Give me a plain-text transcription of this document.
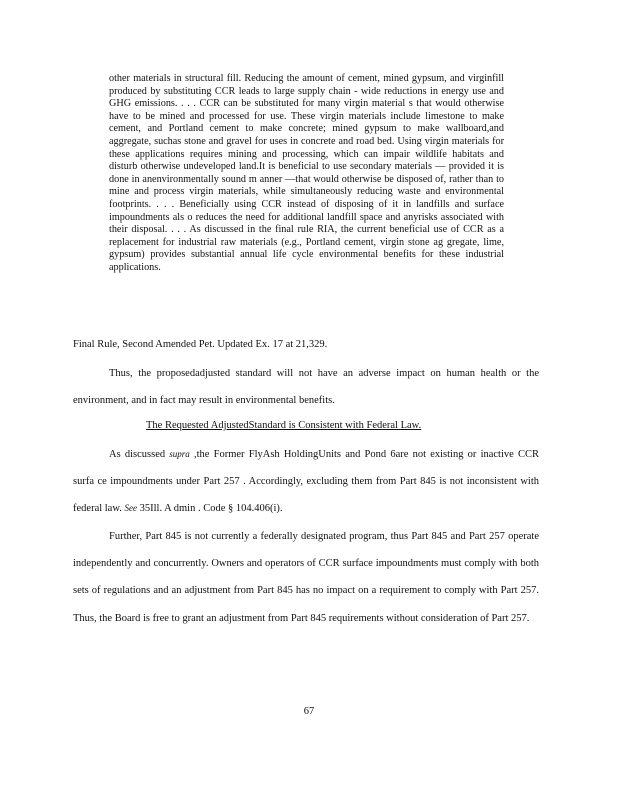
other materials in structural fill. Reducing the amount of cement, mined gypsum, and virginfill produced by substituting CCR leads to large supply chain - wide reductions in energy use and GHG emissions. . . . CCR can be substituted for many virgin material s that would otherwise have to be mined and processed for use. These virgin materials include limestone to make cement, and Portland cement to make concrete; mined gypsum to make wallboard,and aggregate, suchas stone and gravel for uses in concrete and road bed. Using virgin materials for these applications requires mining and processing, which can impair wildlife habitats and disturb otherwise undeveloped land.It is beneficial to use secondary materials — provided it is done in anenvironmentally sound m anner —that would otherwise be disposed of, rather than to mine and process virgin materials, while simultaneously reducing waste and environmental footprints. . . . Beneficially using CCR instead of disposing of it in landfills and surface impoundments als o reduces the need for additional landfill space and anyrisks associated with their disposal. . . . As discussed in the final rule RIA, the current beneficial use of CCR as a replacement for industrial raw materials (e.g., Portland cement, virgin stone ag gregate, lime, gypsum) provides substantial annual life cycle environmental benefits for these industrial applications.
Final Rule, Second Amended Pet. Updated Ex. 17 at 21,329.
Thus, the proposedadjusted standard will not have an adverse impact on human health or the environment, and in fact may result in environmental benefits.
The Requested AdjustedStandard is Consistent with Federal Law.
As discussed supra ,the Former FlyAsh HoldingUnits and Pond 6are not existing or inactive CCR surfa ce impoundments under Part 257 . Accordingly, excluding them from Part 845 is not inconsistent with federal law. See 35Ill. A dmin . Code § 104.406(i).
Further, Part 845 is not currently a federally designated program, thus Part 845 and Part 257 operate independently and concurrently. Owners and operators of CCR surface impoundments must comply with both sets of regulations and an adjustment from Part 845 has no impact on a requirement to comply with Part 257. Thus, the Board is free to grant an adjustment from Part 845 requirements without consideration of Part 257.
67
